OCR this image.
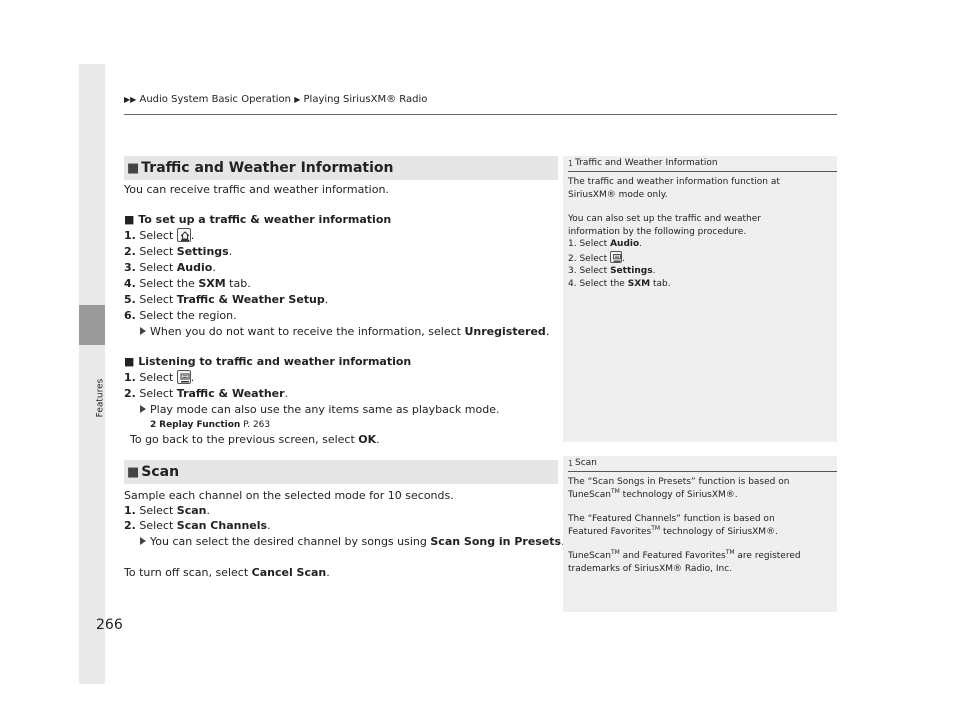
▶▶ Audio System Basic Operation ▶ Playing SiriusXM® Radio
Features
266
■ Traffic and Weather Information
You can receive traffic and weather information.
■ To set up a traffic & weather information
1. Select
.
2. Select Settings.
3. Select Audio.
4. Select the SXM tab.
5. Select Traffic & Weather Setup.
6. Select the region.
When you do not want to receive the information, select Unregistered.
■ Listening to traffic and weather information
1. Select
.
2. Select Traffic & Weather.
Play mode can also use the any items same as playback mode.
2 Replay Function P. 263
To go back to the previous screen, select OK.
■ Scan
Sample each channel on the selected mode for 10 seconds.
1. Select Scan.
2. Select Scan Channels.
You can select the desired channel by songs using Scan Song in Presets
To turn off scan, select Cancel Scan.
1 Traffic and Weather Information
The traffic and weather information function at
SiriusXM® mode only.
You can also set up the traffic and weather
information by the following procedure.
1. Select Audio.
2. Select
.
3. Select Settings.
4. Select the SXM tab.
1 Scan
The “Scan Songs in Presets” function is based on
TuneScan™ technology of SiriusXM®.
The “Featured Channels” function is based on
Featured Favorites™ technology of SiriusXM®.
TuneScan™ and Featured Favorites™ are registered
trademarks of SiriusXM® Radio, Inc.
